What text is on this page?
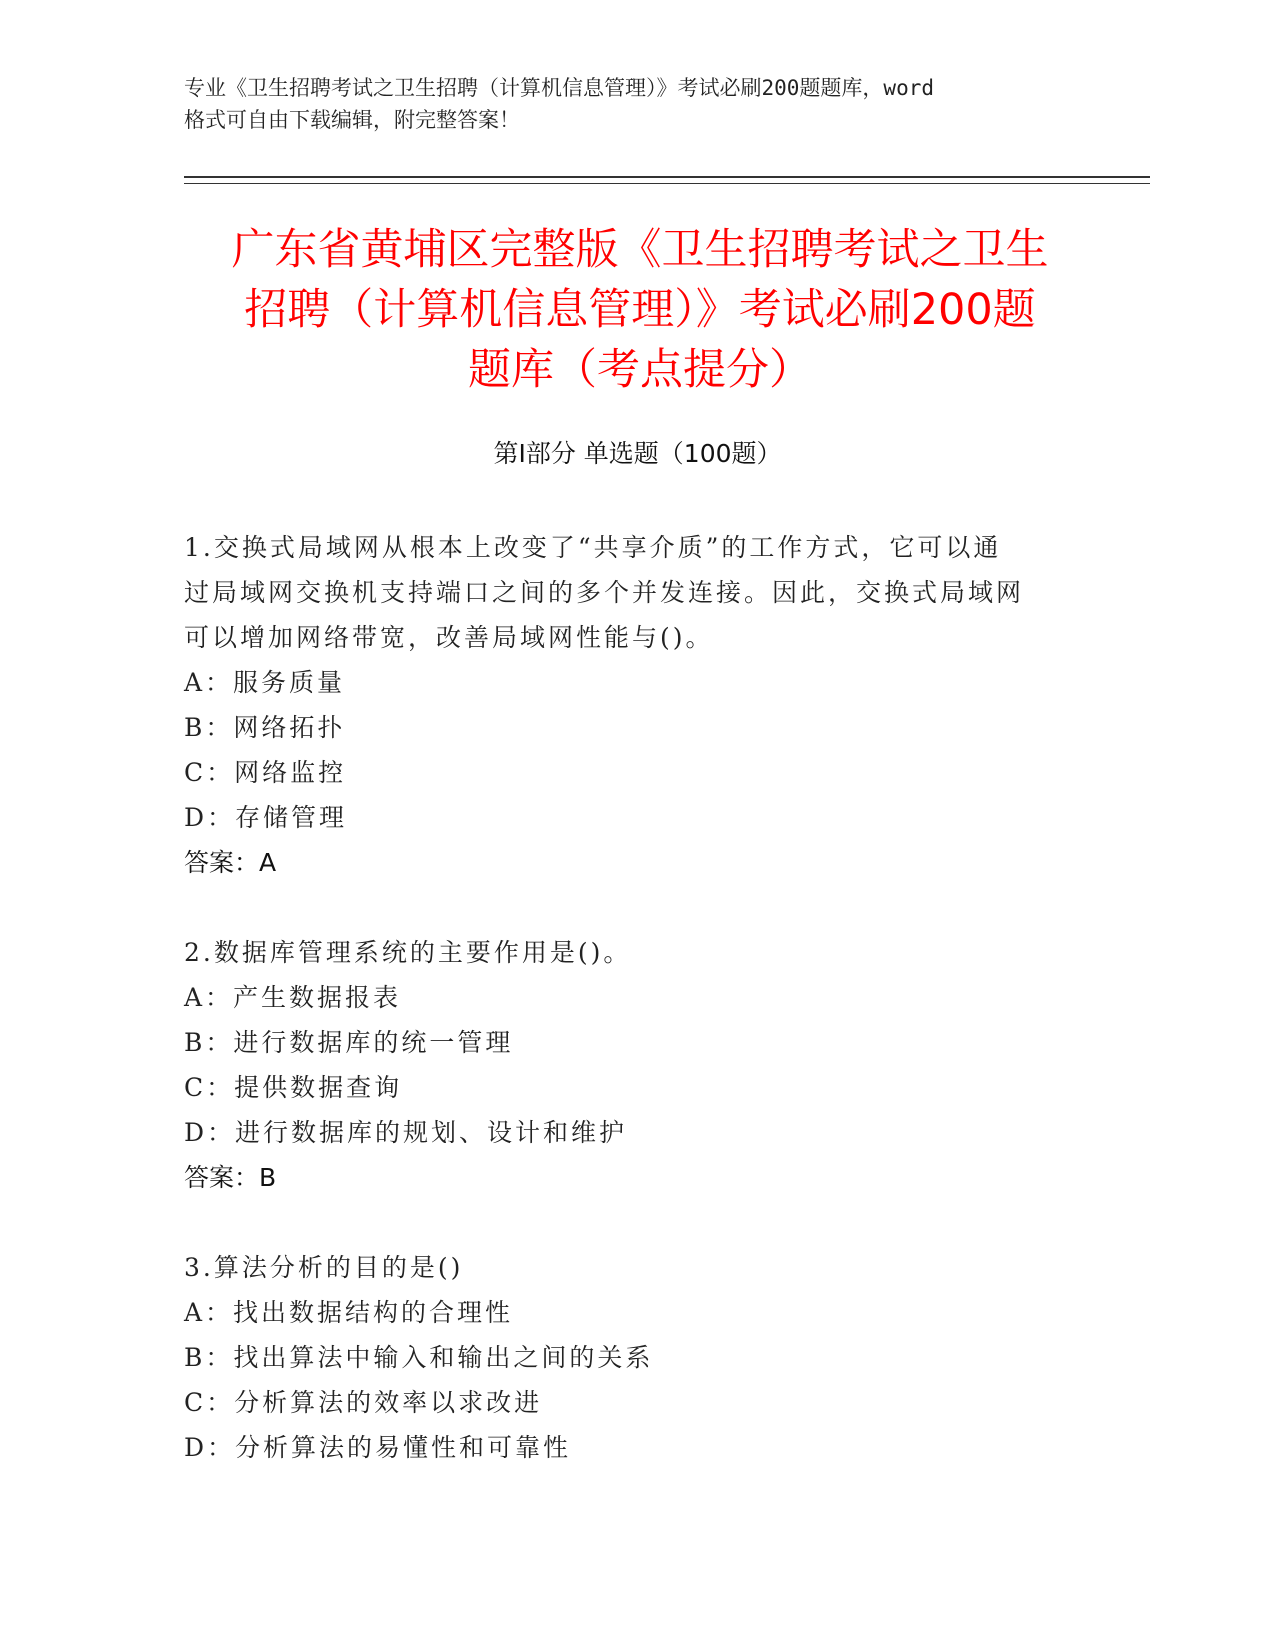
专业《卫生招聘考试之卫生招聘（计算机信息管理）》考试必刷200题题库，word
格式可自由下载编辑，附完整答案！
广东省黄埔区完整版《卫生招聘考试之卫生
招聘（计算机信息管理）》考试必刷200题
题库（考点提分）
第Ⅰ部分 单选题（100题）
1.交换式局域网从根本上改变了“共享介质”的工作方式，它可以通
过局域网交换机支持端口之间的多个并发连接。因此，交换式局域网
可以增加网络带宽，改善局域网性能与()。
A：服务质量
B：网络拓扑
C：网络监控
D：存储管理
答案：A
2.数据库管理系统的主要作用是()。
A：产生数据报表
B：进行数据库的统一管理
C：提供数据查询
D：进行数据库的规划、设计和维护
答案：B
3.算法分析的目的是()
A：找出数据结构的合理性
B：找出算法中输入和输出之间的关系
C：分析算法的效率以求改进
D：分析算法的易懂性和可靠性
